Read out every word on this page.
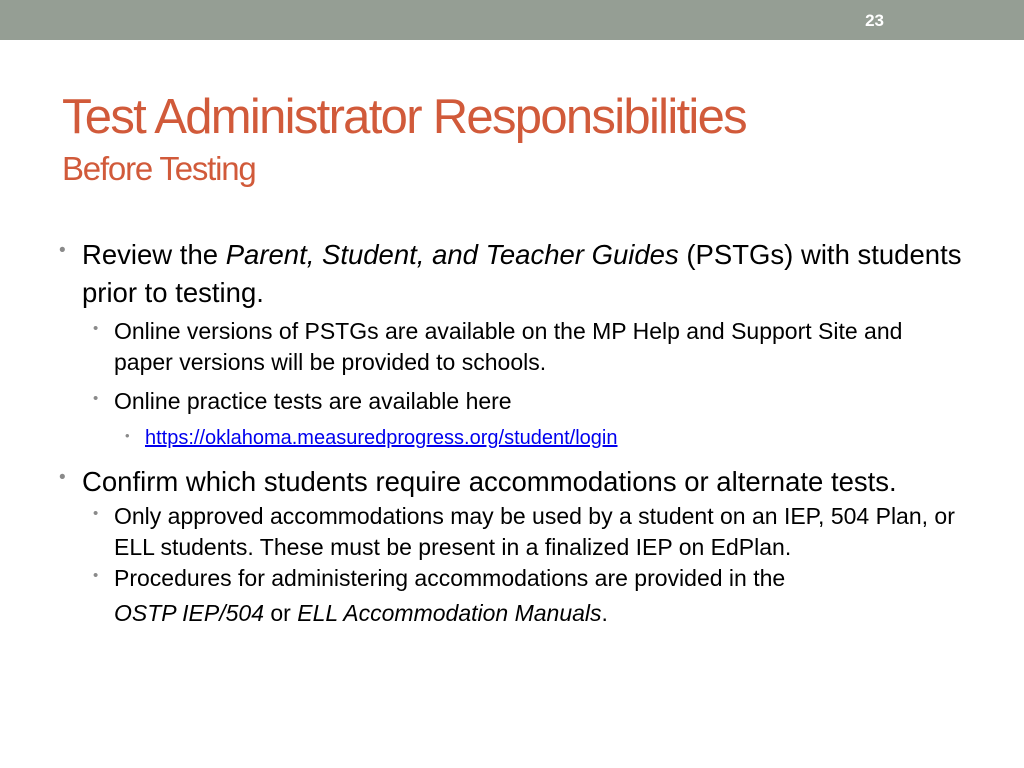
23
Test Administrator Responsibilities
Before Testing
• Review the Parent, Student, and Teacher Guides (PSTGs) with students prior to testing.
• Online versions of PSTGs are available on the MP Help and Support Site and paper versions will be provided to schools.
• Online practice tests are available here
• https://oklahoma.measuredprogress.org/student/login
• Confirm which students require accommodations or alternate tests.
• Only approved accommodations may be used by a student on an IEP, 504 Plan, or ELL students. These must be present in a finalized IEP on EdPlan.
• Procedures for administering accommodations are provided in the
OSTP IEP/504 or ELL Accommodation Manuals.
